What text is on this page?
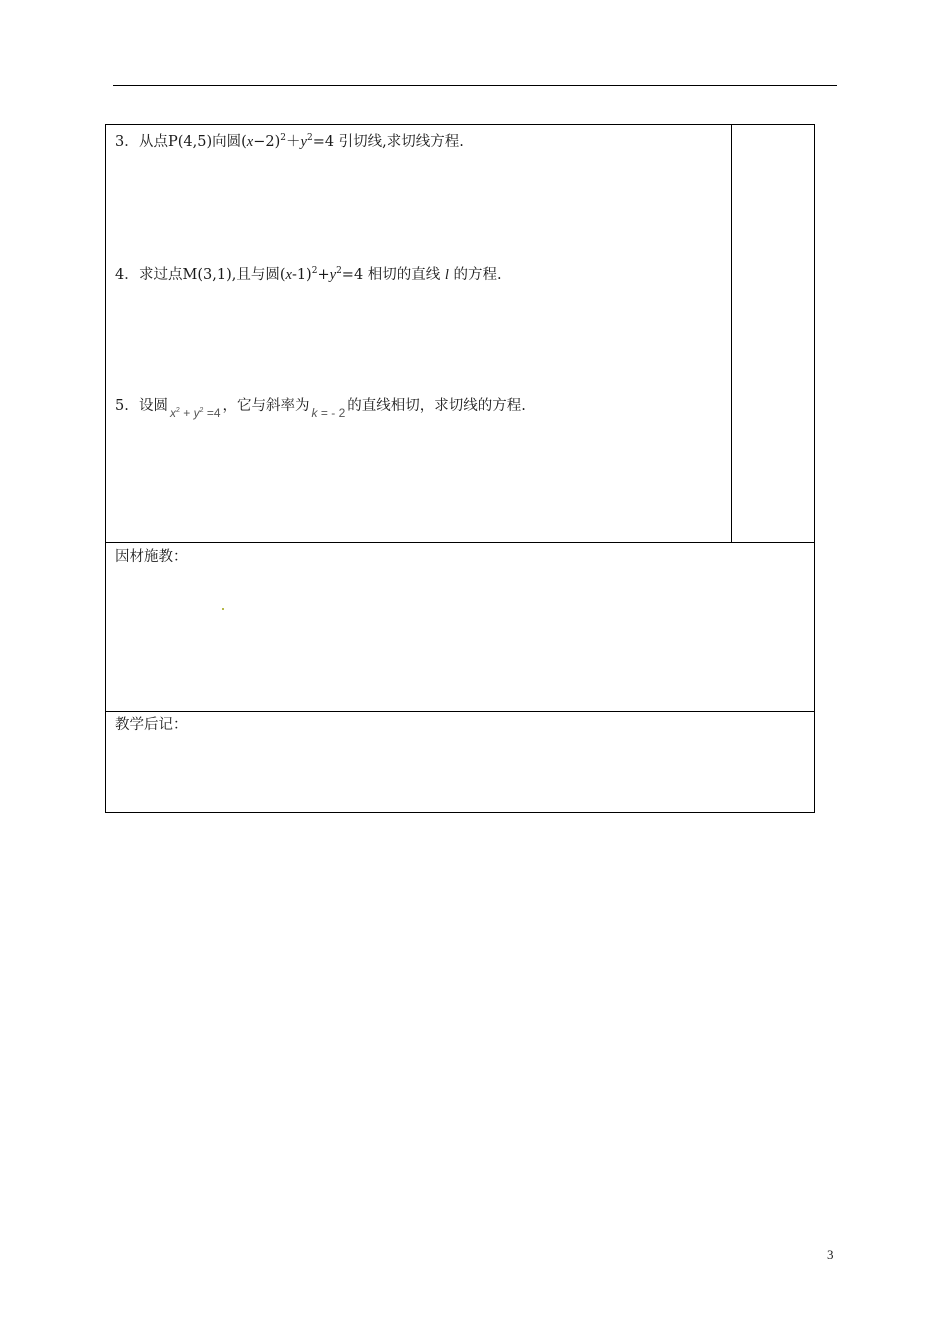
3．从点P(4,5)向圆$(x-2)^2+y^2=4$ 引切线,求切线方程.
4．求过点M(3,1),且与圆$(x-1)^2+y^2=4$ 相切的直线 l 的方程.
5. 设圆 $x^2 + y^2 =4$ ，它与斜率为 k = - 2 的直线相切，求切线的方程.
因材施教：
教学后记：
3
